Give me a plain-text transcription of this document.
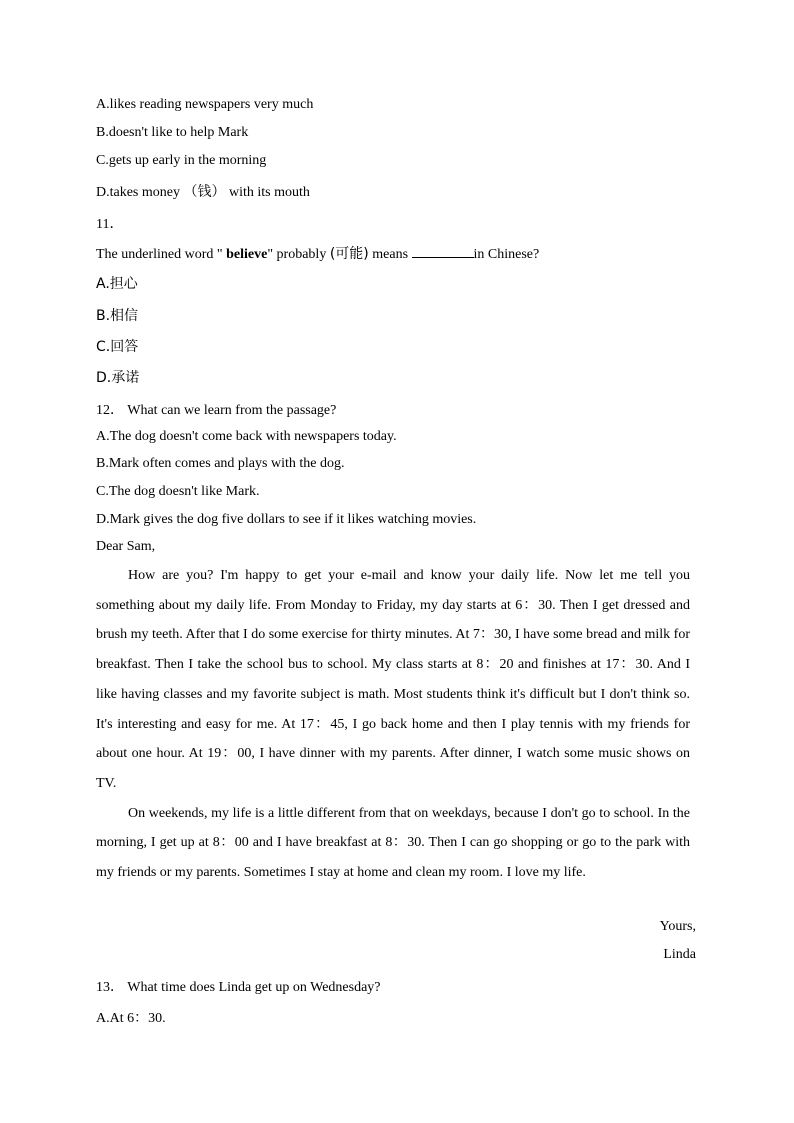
A.likes reading newspapers very much
B.doesn't like to help Mark
C.gets up early in the morning
D.takes money （钱） with its mouth
11．
The underlined word " believe" probably (可能) means	in Chinese?
A.担心
B.相信
C.回答
D.承诺
12． What can we learn from the passage?
A.The dog doesn't come back with newspapers today.
B.Mark often comes and plays with the dog.
C.The dog doesn't like Mark.
D.Mark gives the dog five dollars to see if it likes watching movies.
Dear Sam,

How are you? I'm happy to get your e-mail and know your daily life. Now let me tell you something about my daily life. From Monday to Friday, my day starts at 6：30. Then I get dressed and brush my teeth. After that I do some exercise for thirty minutes. At 7：30, I have some bread and milk for breakfast. Then I take the school bus to school. My class starts at 8：20 and finishes at 17：30. And I like having classes and my favorite subject is math. Most students think it's difficult but I don't think so. It's interesting and easy for me. At 17：45, I go back home and then I play tennis with my friends for about one hour. At 19：00, I have dinner with my parents. After dinner, I watch some music shows on TV.

On weekends, my life is a little different from that on weekdays, because I don't go to school. In the morning, I get up at 8：00 and I have breakfast at 8：30. Then I can go shopping or go to the park with my friends or my parents. Sometimes I stay at home and clean my room. I love my life.

Yours,
Linda
13． What time does Linda get up on Wednesday?
A.At 6：30.
